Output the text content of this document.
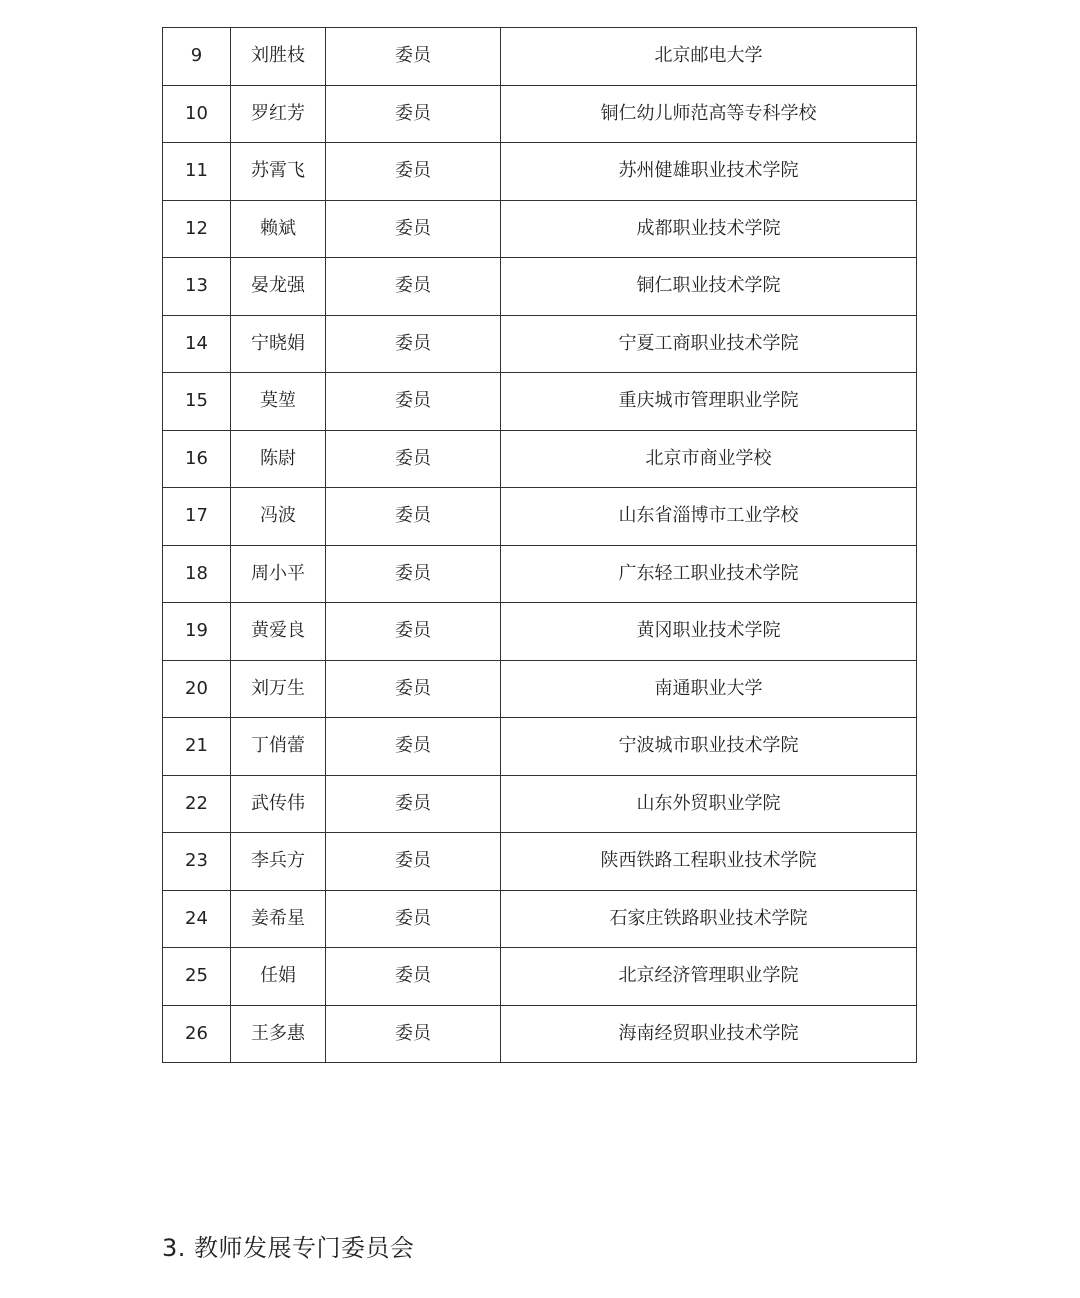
9	刘胜枝	委员	北京邮电大学
10	罗红芳	委员	铜仁幼儿师范高等专科学校
11	苏霄飞	委员	苏州健雄职业技术学院
12	赖斌	委员	成都职业技术学院
13	晏龙强	委员	铜仁职业技术学院
14	宁晓娟	委员	宁夏工商职业技术学院
15	莫堃	委员	重庆城市管理职业学院
16	陈尉	委员	北京市商业学校
17	冯波	委员	山东省淄博市工业学校
18	周小平	委员	广东轻工职业技术学院
19	黄爱良	委员	黄冈职业技术学院
20	刘万生	委员	南通职业大学
21	丁俏蕾	委员	宁波城市职业技术学院
22	武传伟	委员	山东外贸职业学院
23	李兵方	委员	陕西铁路工程职业技术学院
24	姜希星	委员	石家庄铁路职业技术学院
25	任娟	委员	北京经济管理职业学院
26	王多惠	委员	海南经贸职业技术学院
3. 教师发展专门委员会
